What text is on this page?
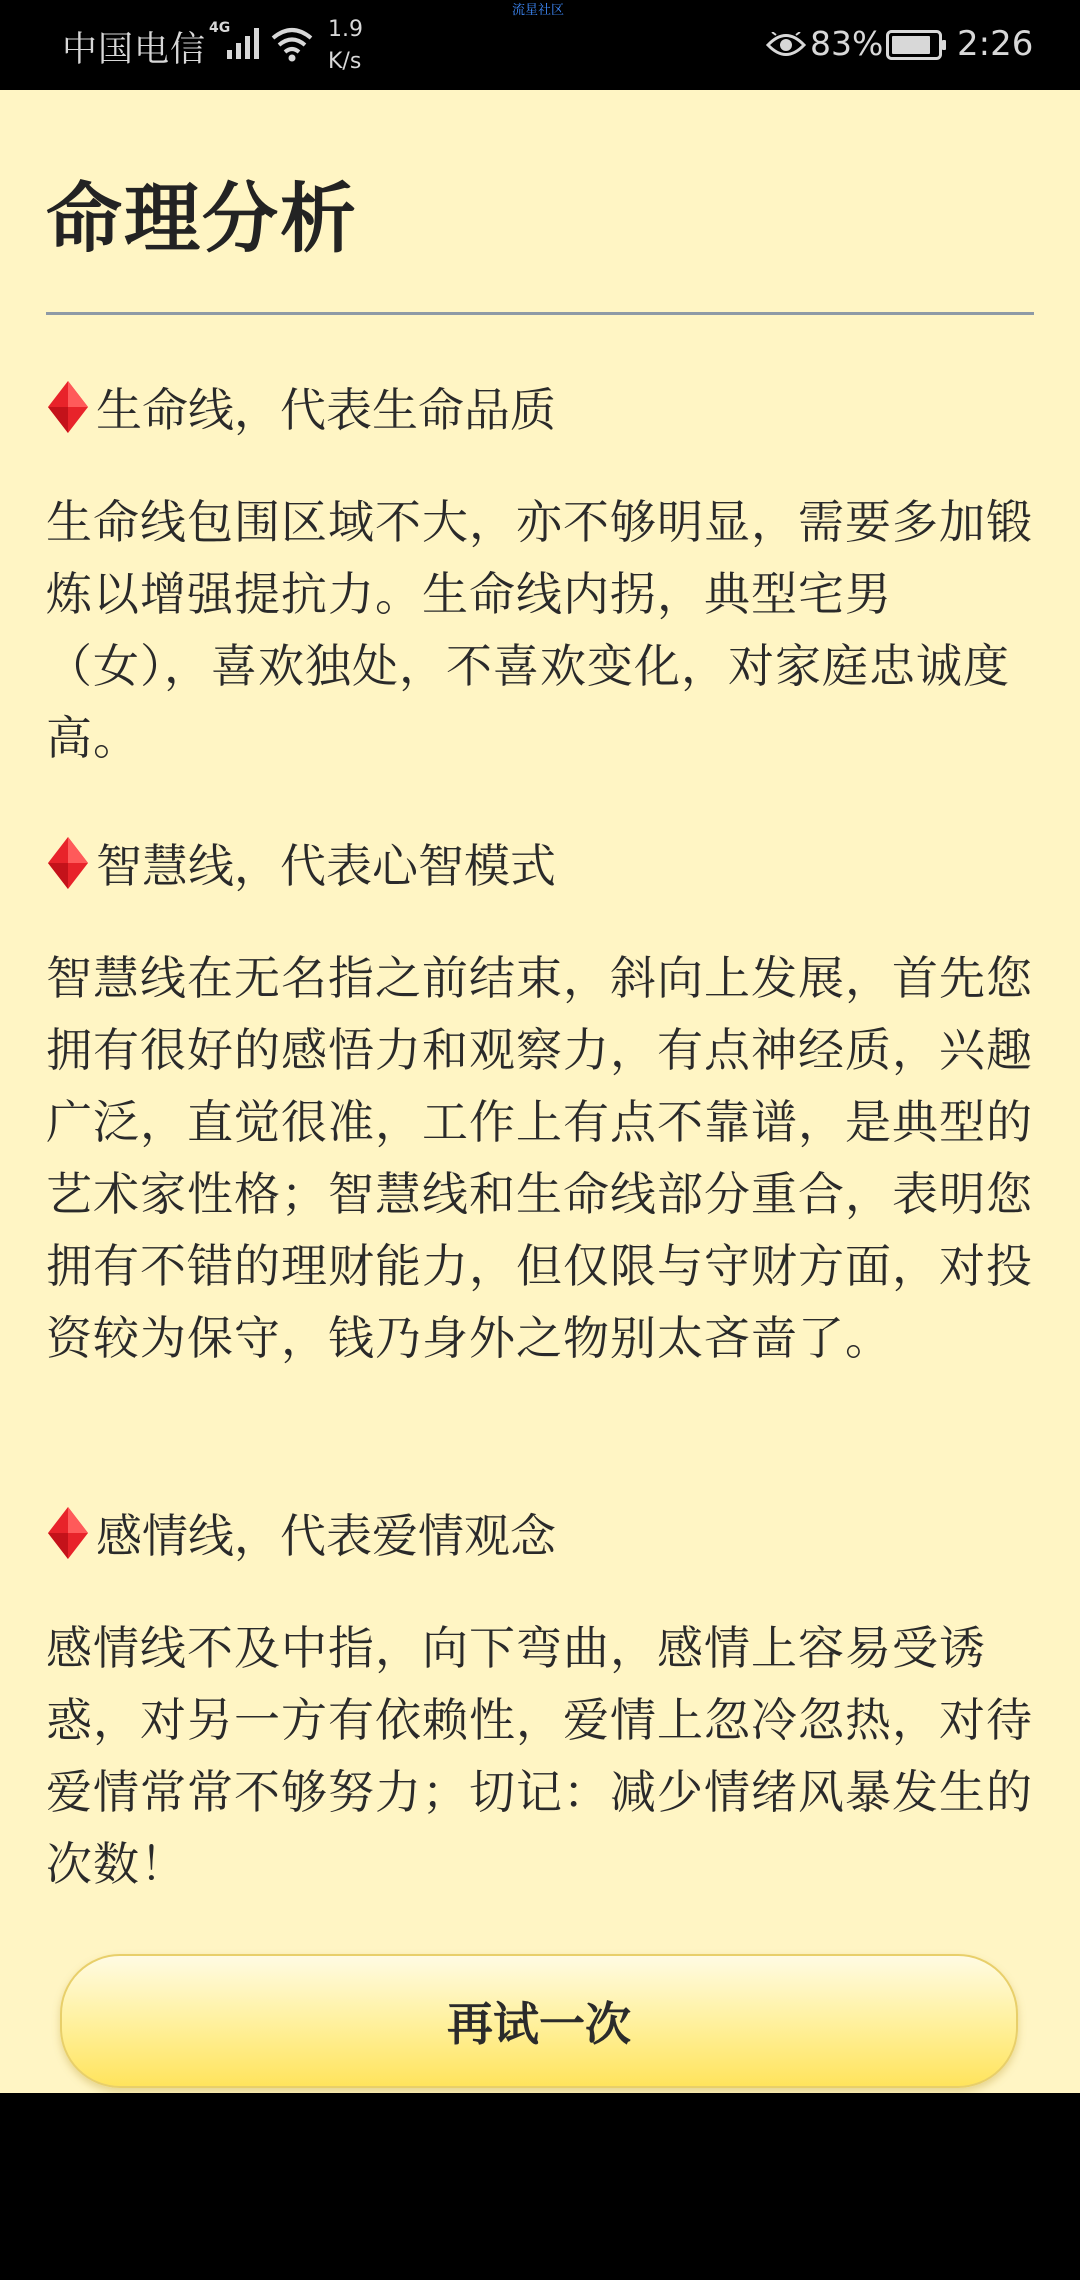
中国电信
4G	1.9
K/s
流星社区
83% 2:26
命理分析
生命线，代表生命品质

生命线包围区域不大，亦不够明显，需要多加锻炼以增强提抗力。生命线内拐，典型宅男（女），喜欢独处，不喜欢变化，对家庭忠诚度高。

智慧线，代表心智模式

智慧线在无名指之前结束，斜向上发展，首先您拥有很好的感悟力和观察力，有点神经质，兴趣广泛，直觉很准，工作上有点不靠谱，是典型的艺术家性格；智慧线和生命线部分重合，表明您拥有不错的理财能力，但仅限与守财方面，对投资较为保守，钱乃身外之物别太吝啬了。

感情线，代表爱情观念

感情线不及中指，向下弯曲，感情上容易受诱惑，对另一方有依赖性，爱情上忽冷忽热，对待爱情常常不够努力；切记：减少情绪风暴发生的次数！

再试一次
